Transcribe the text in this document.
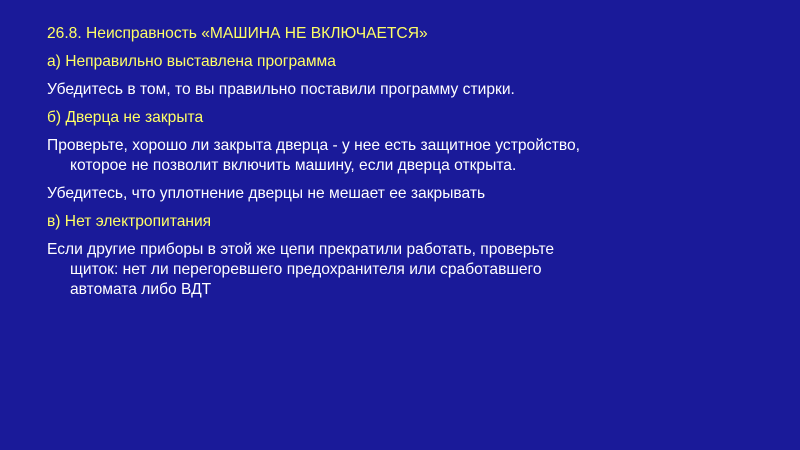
26.8. Неисправность «МАШИНА НЕ ВКЛЮЧАЕТСЯ»

а) Неправильно выставлена программа

Убедитесь в том, то вы правильно поставили программу стирки.

б) Дверца не закрыта

Проверьте, хорошо ли закрыта дверца - у нее есть защитное устройство,

которое не позволит включить машину, если дверца открыта.

Убедитесь, что уплотнение дверцы не мешает ее закрывать

в) Нет электропитания

Если другие приборы в этой же цепи прекратили работать, проверьте

щиток: нет ли перегоревшего предохранителя или сработавшего

автомата либо ВДТ
